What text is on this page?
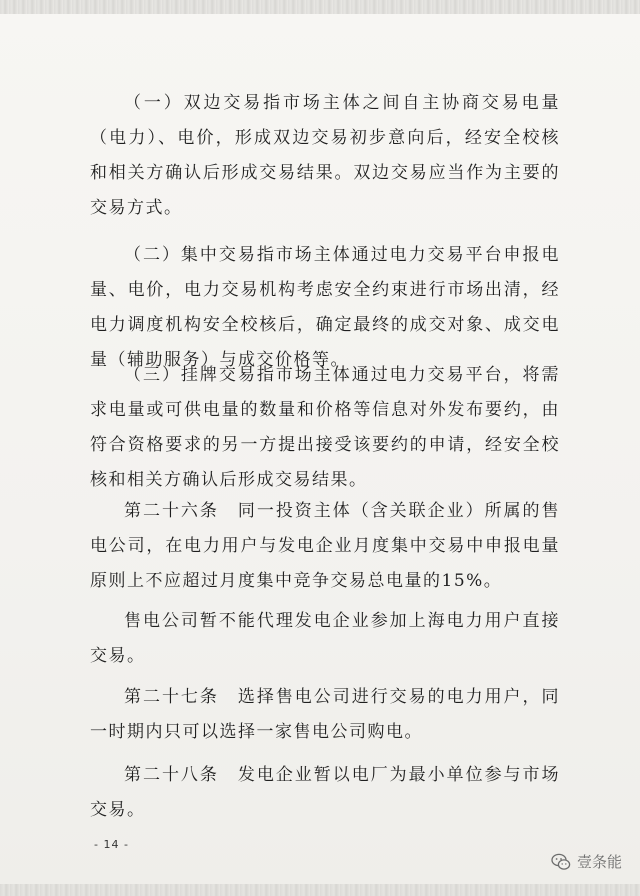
（一）双边交易指市场主体之间自主协商交易电量（电力）、电价，形成双边交易初步意向后，经安全校核和相关方确认后形成交易结果。双边交易应当作为主要的交易方式。

（二）集中交易指市场主体通过电力交易平台申报电量、电价，电力交易机构考虑安全约束进行市场出清，经电力调度机构安全校核后，确定最终的成交对象、成交电量（辅助服务）与成交价格等。

（三）挂牌交易指市场主体通过电力交易平台，将需求电量或可供电量的数量和价格等信息对外发布要约，由符合资格要求的另一方提出接受该要约的申请，经安全校核和相关方确认后形成交易结果。

第二十六条　同一投资主体（含关联企业）所属的售电公司，在电力用户与发电企业月度集中交易中申报电量原则上不应超过月度集中竞争交易总电量的15%。

售电公司暂不能代理发电企业参加上海电力用户直接交易。

第二十七条　选择售电公司进行交易的电力用户，同一时期内只可以选择一家售电公司购电。

第二十八条　发电企业暂以电厂为最小单位参与市场交易。

- 14 -
壹条能
